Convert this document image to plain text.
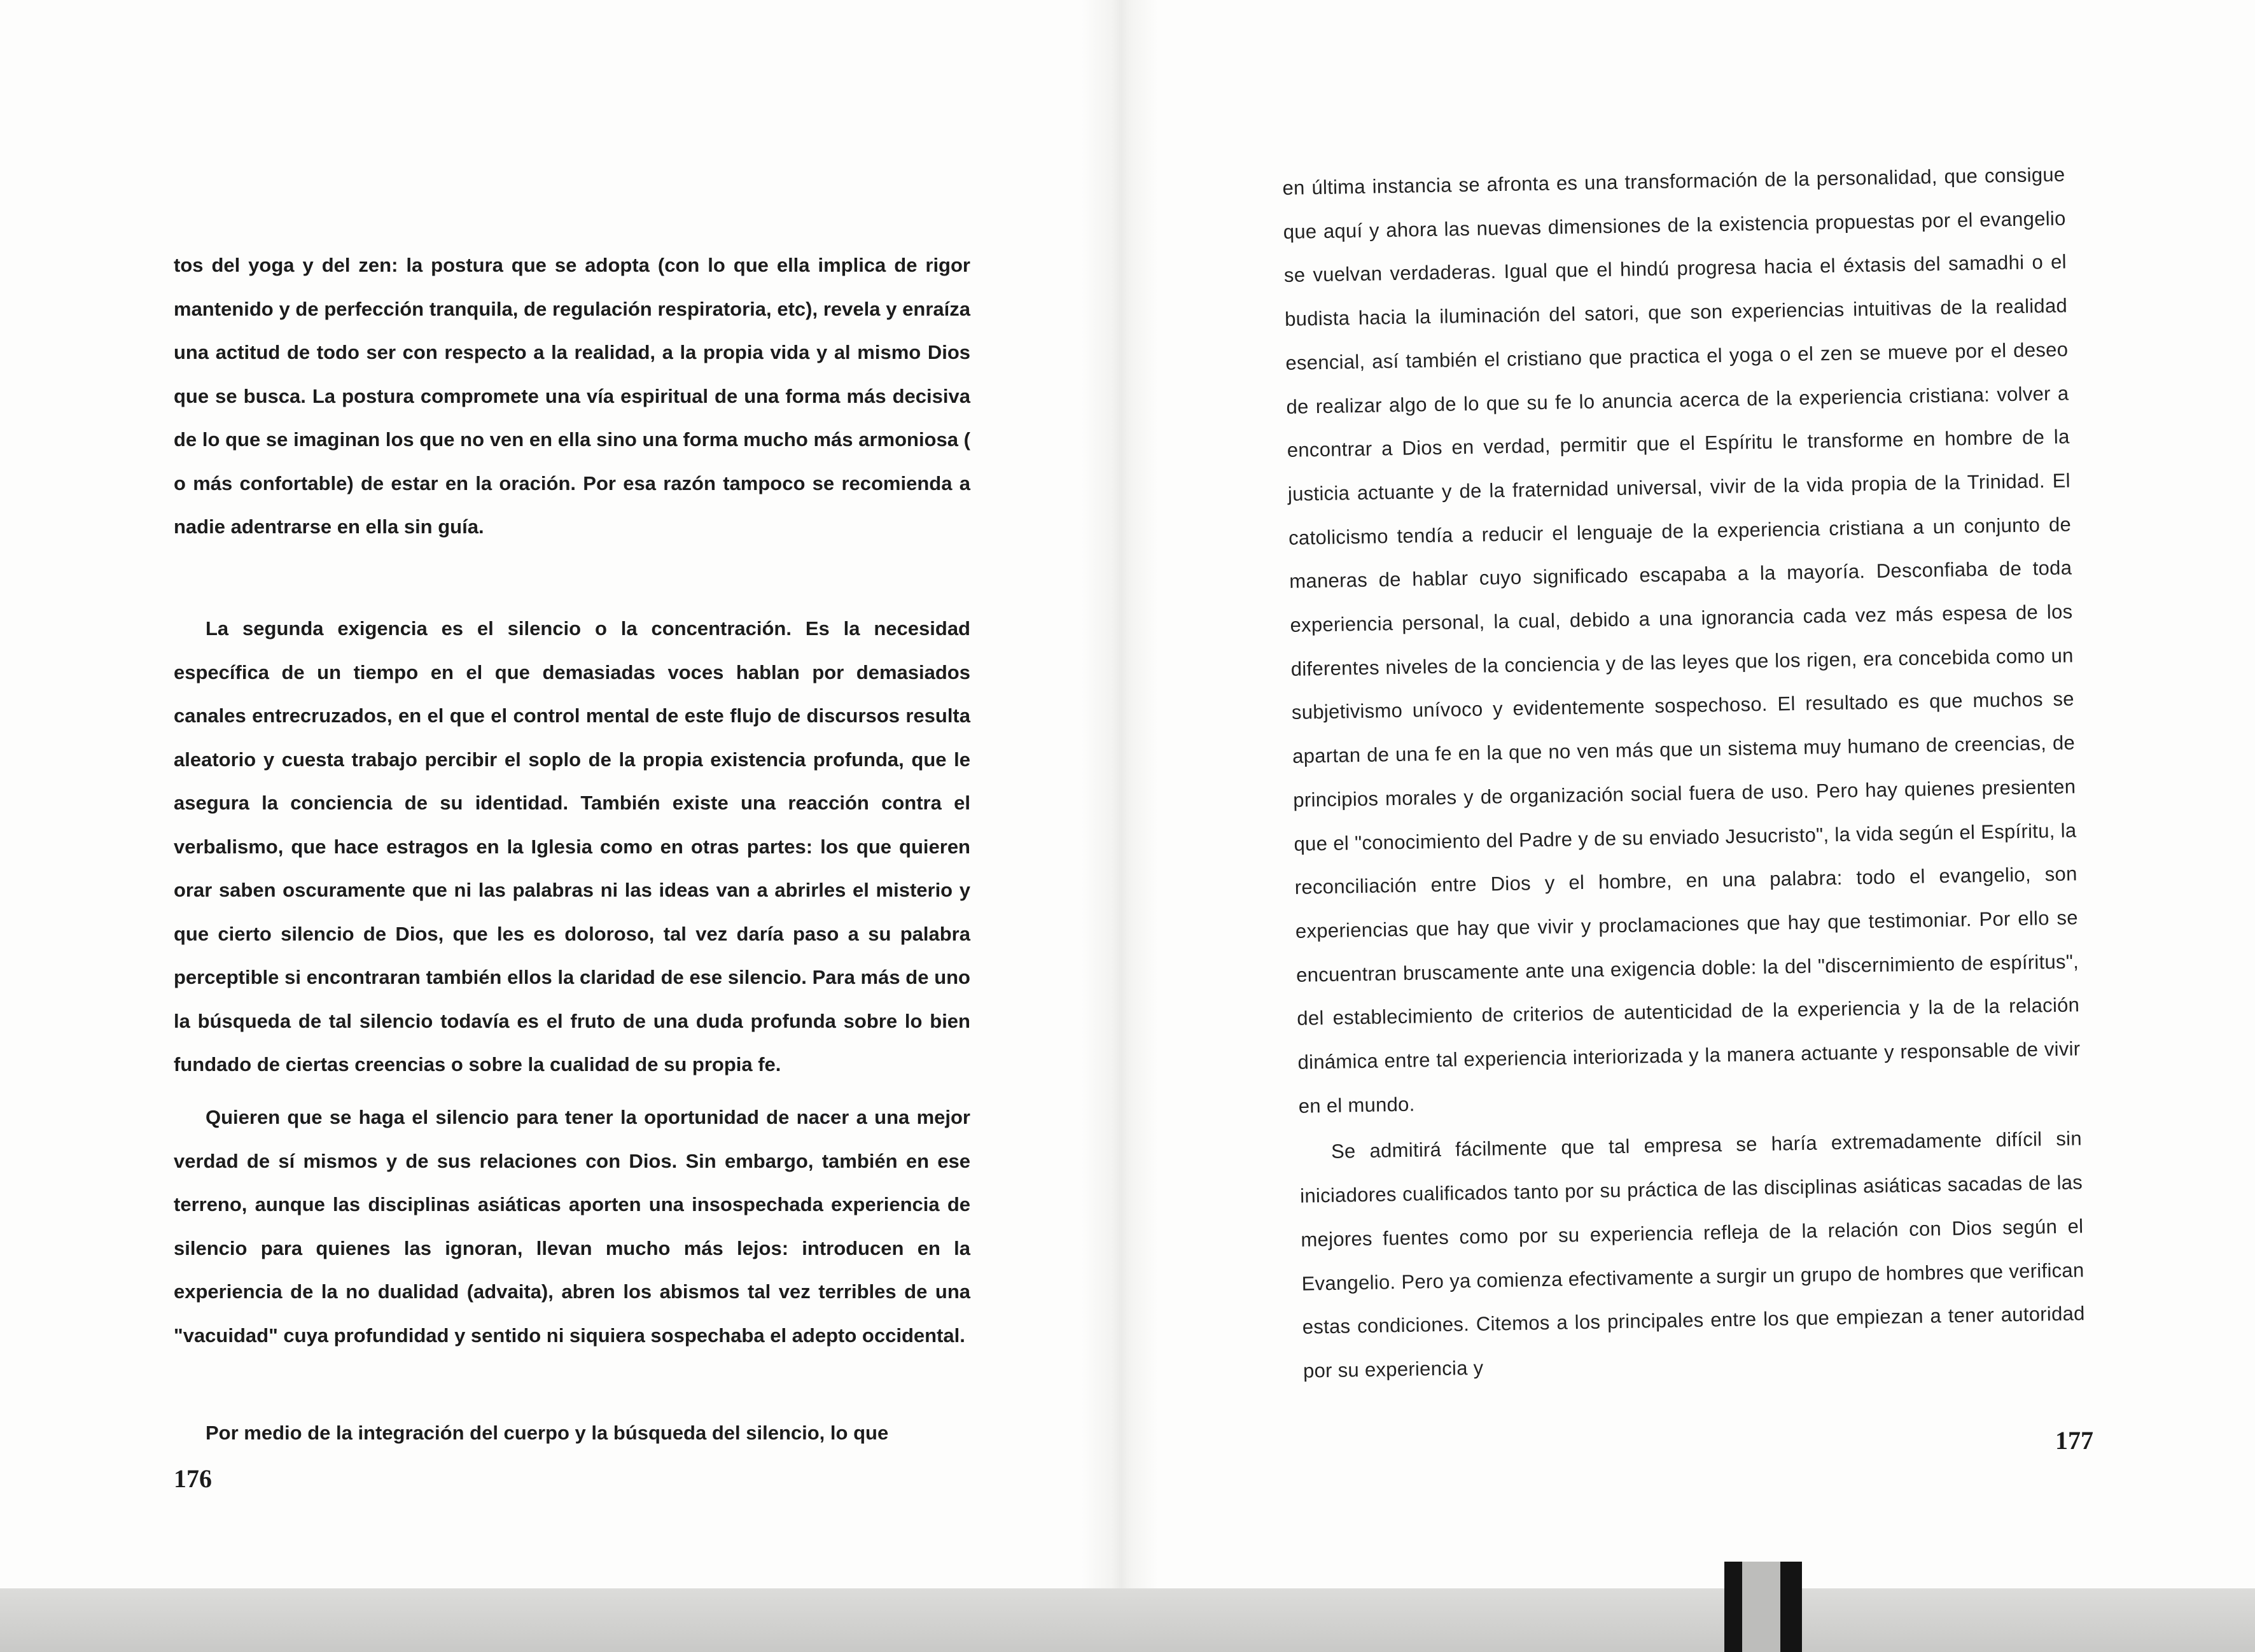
tos del yoga y del zen: la postura que se adopta (con lo que ella implica de rigor mantenido y de perfección tranquila, de regulación respiratoria, etc), revela y enraíza una actitud de todo ser con respecto a la realidad, a la propia vida y al mismo Dios que se busca. La postura compromete una vía espiritual de una forma más decisiva de lo que se imaginan los que no ven en ella sino una forma mucho más armoniosa ( o más confortable) de estar en la oración. Por esa razón tampoco se recomienda a nadie adentrarse en ella sin guía.

La segunda exigencia es el silencio o la concentración. Es la necesidad específica de un tiempo en el que demasiadas voces hablan por demasiados canales entrecruzados, en el que el control mental de este flujo de discursos resulta aleatorio y cuesta trabajo percibir el soplo de la propia existencia profunda, que le asegura la conciencia de su identidad. También existe una reacción contra el verbalismo, que hace estragos en la Iglesia como en otras partes: los que quieren orar saben oscuramente que ni las palabras ni las ideas van a abrirles el misterio y que cierto silencio de Dios, que les es doloroso, tal vez daría paso a su palabra perceptible si encontraran también ellos la claridad de ese silencio. Para más de uno la búsqueda de tal silencio todavía es el fruto de una duda profunda sobre lo bien fundado de ciertas creencias o sobre la cualidad de su propia fe.

Quieren que se haga el silencio para tener la oportunidad de nacer a una mejor verdad de sí mismos y de sus relaciones con Dios. Sin embargo, también en ese terreno, aunque las disciplinas asiáticas aporten una insospechada experiencia de silencio para quienes las ignoran, llevan mucho más lejos: introducen en la experiencia de la no dualidad (advaita), abren los abismos tal vez terribles de una "vacuidad" cuya profundidad y sentido ni siquiera sospechaba el adepto occidental.

Por medio de la integración del cuerpo y la búsqueda del silencio, lo que

176

en última instancia se afronta es una transformación de la personalidad, que consigue que aquí y ahora las nuevas dimensiones de la existencia propuestas por el evangelio se vuelvan verdaderas. Igual que el hindú progresa hacia el éxtasis del samadhi o el budista hacia la iluminación del satori, que son experiencias intuitivas de la realidad esencial, así también el cristiano que practica el yoga o el zen se mueve por el deseo de realizar algo de lo que su fe lo anuncia acerca de la experiencia cristiana: volver a encontrar a Dios en verdad, permitir que el Espíritu le transforme en hombre de la justicia actuante y de la fraternidad universal, vivir de la vida propia de la Trinidad. El catolicismo tendía a reducir el lenguaje de la experiencia cristiana a un conjunto de maneras de hablar cuyo significado escapaba a la mayoría. Desconfiaba de toda experiencia personal, la cual, debido a una ignorancia cada vez más espesa de los diferentes niveles de la conciencia y de las leyes que los rigen, era concebida como un subjetivismo unívoco y evidentemente sospechoso. El resultado es que muchos se apartan de una fe en la que no ven más que un sistema muy humano de creencias, de principios morales y de organización social fuera de uso. Pero hay quienes presienten que el "conocimiento del Padre y de su enviado Jesucristo", la vida según el Espíritu, la reconciliación entre Dios y el hombre, en una palabra: todo el evangelio, son experiencias que hay que vivir y proclamaciones que hay que testimoniar. Por ello se encuentran bruscamente ante una exigencia doble: la del "discernimiento de espíritus", del establecimiento de criterios de autenticidad de la experiencia y la de la relación dinámica entre tal experiencia interiorizada y la manera actuante y responsable de vivir en el mundo.

Se admitirá fácilmente que tal empresa se haría extremadamente difícil sin iniciadores cualificados tanto por su práctica de las disciplinas asiáticas sacadas de las mejores fuentes como por su experiencia refleja de la relación con Dios según el Evangelio. Pero ya comienza efectivamente a surgir un grupo de hombres que verifican estas condiciones. Citemos a los principales entre los que empiezan a tener autoridad por su experiencia y

177
